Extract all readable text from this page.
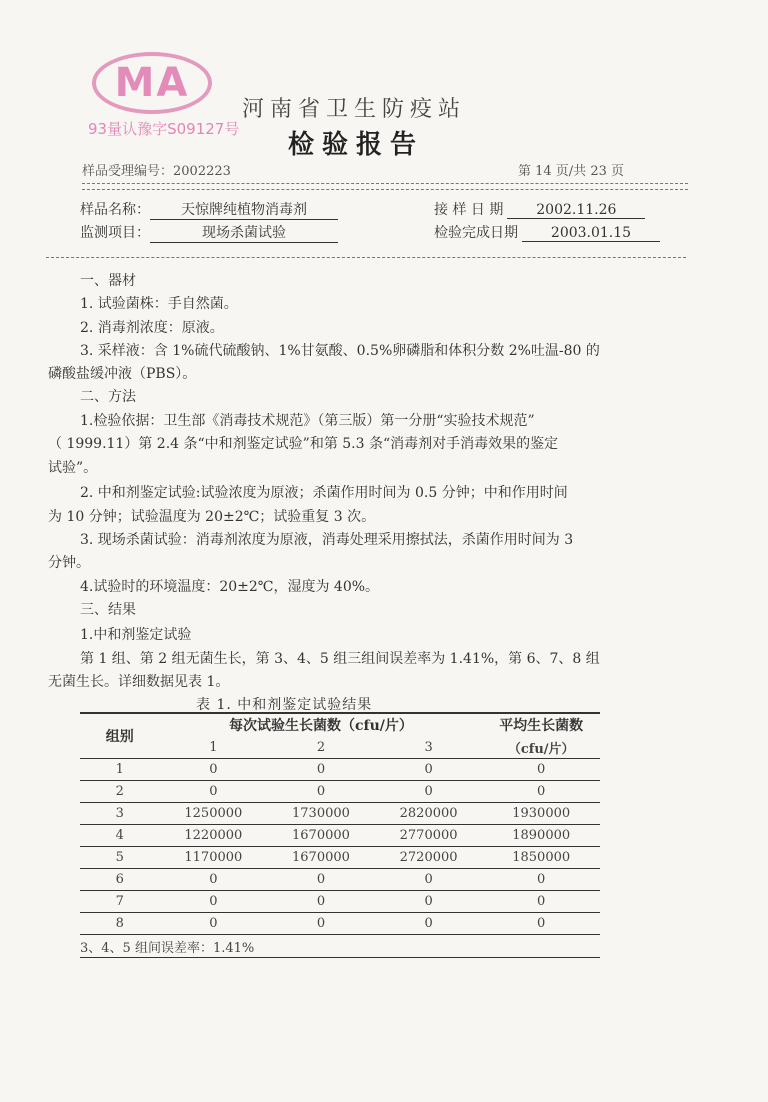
MA
93量认豫字S09127号
河南省卫生防疫站
检验报告
样品受理编号：2002223	第 14 页/共 23 页
样品名称： 天惊牌纯植物消毒剂
监测项目：	现场杀菌试验
接 样 日 期 2002.11.26
检验完成日期 2003.01.15
一、器材
1. 试验菌株：手自然菌。
2. 消毒剂浓度：原液。
3. 采样液：含 1%硫代硫酸钠、1%甘氨酸、0.5%卵磷脂和体积分数 2%吐温-80 的
磷酸盐缓冲液（PBS）。
二、方法
1.检验依据：卫生部《消毒技术规范》（第三版）第一分册“实验技术规范”
（ 1999.11）第 2.4 条“中和剂鉴定试验”和第 5.3 条“消毒剂对手消毒效果的鉴定
试验”。
2. 中和剂鉴定试验:试验浓度为原液；杀菌作用时间为 0.5 分钟；中和作用时间
为 10 分钟；试验温度为 20±2℃；试验重复 3 次。
3. 现场杀菌试验：消毒剂浓度为原液，消毒处理采用擦拭法，杀菌作用时间为 3
分钟。
4.试验时的环境温度：20±2℃，湿度为 40%。
三、结果
1.中和剂鉴定试验
第 1 组、第 2 组无菌生长，第 3、4、5 组三组间误差率为 1.41%，第 6、7、8 组
无菌生长。详细数据见表 1。
表 1. 中和剂鉴定试验结果
组别	每次试验生长菌数（cfu/片）			平均生长菌数
	1	2	3	（cfu/片）
1	0	0	0	0
2	0	0	0	0
3	1250000	1730000	2820000	1930000
4	1220000	1670000	2770000	1890000
5	1170000	1670000	2720000	1850000
6	0	0	0	0
7	0	0	0	0
8	0	0	0	0
3、4、5 组间误差率：1.41%				
